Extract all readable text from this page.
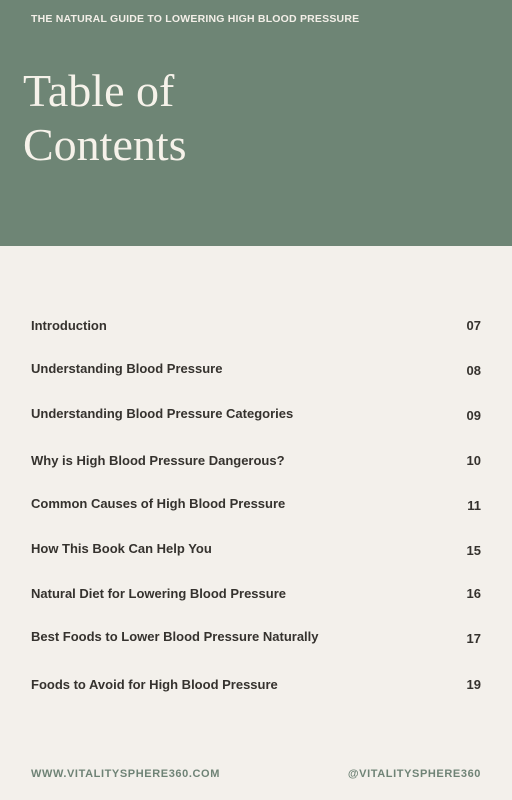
THE NATURAL GUIDE TO LOWERING HIGH BLOOD PRESSURE
Table of Contents
Introduction	07
Understanding Blood Pressure	08
Understanding Blood Pressure Categories	09
Why is High Blood Pressure Dangerous?	10
Common Causes of High Blood Pressure	11
How This Book Can Help You	15
Natural Diet for Lowering Blood Pressure	16
Best Foods to Lower Blood Pressure Naturally	17
Foods to Avoid for High Blood Pressure	19
WWW.VITALITYSPHERE360.COM	@VITALITYSPHERE360
